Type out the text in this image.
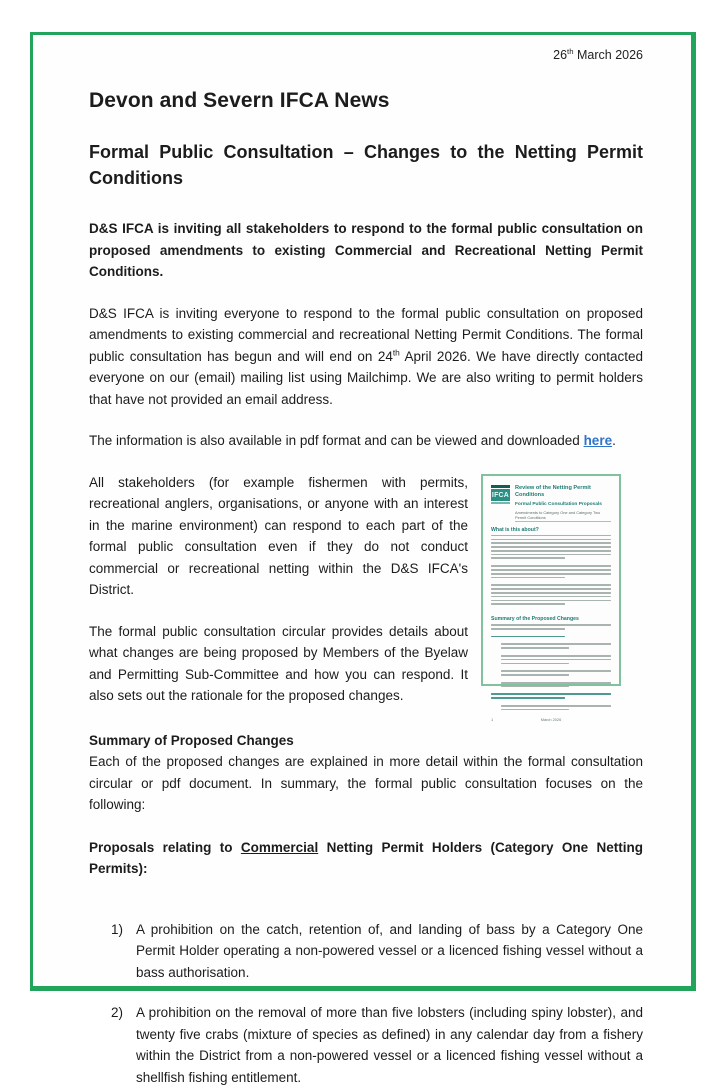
26th March 2026
Devon and Severn IFCA News
Formal Public Consultation – Changes to the Netting Permit Conditions

D&S IFCA is inviting all stakeholders to respond to the formal public consultation on proposed amendments to existing Commercial and Recreational Netting Permit Conditions.

D&S IFCA is inviting everyone to respond to the formal public consultation on proposed amendments to existing commercial and recreational Netting Permit Conditions. The formal public consultation has begun and will end on 24th April 2026. We have directly contacted everyone on our (email) mailing list using Mailchimp. We are also writing to permit holders that have not provided an email address.

The information is also available in pdf format and can be viewed and downloaded here.

IFCA
Review of the Netting Permit Conditions
Formal Public Consultation Proposals
Amendments to Category One and Category Two Permit Conditions
What is this about?
Summary of the Proposed Changes
1	March 2026

All stakeholders (for example fishermen with permits, recreational anglers, organisations, or anyone with an interest in the marine environment) can respond to each part of the formal public consultation even if they do not conduct commercial or recreational netting within the D&S IFCA's District.

The formal public consultation circular provides details about what changes are being proposed by Members of the Byelaw and Permitting Sub-Committee and how you can respond. It also sets out the rationale for the proposed changes.

Summary of Proposed Changes

Each of the proposed changes are explained in more detail within the formal consultation circular or pdf document. In summary, the formal public consultation focuses on the following:

Proposals relating to Commercial Netting Permit Holders (Category One Netting Permits):

1) A prohibition on the catch, retention of, and landing of bass by a Category One Permit Holder operating a non-powered vessel or a licenced fishing vessel without a bass authorisation.
2) A prohibition on the removal of more than five lobsters (including spiny lobster), and twenty five crabs (mixture of species as defined) in any calendar day from a fishery within the District from a non-powered vessel or a licenced fishing vessel without a shellfish fishing entitlement.
